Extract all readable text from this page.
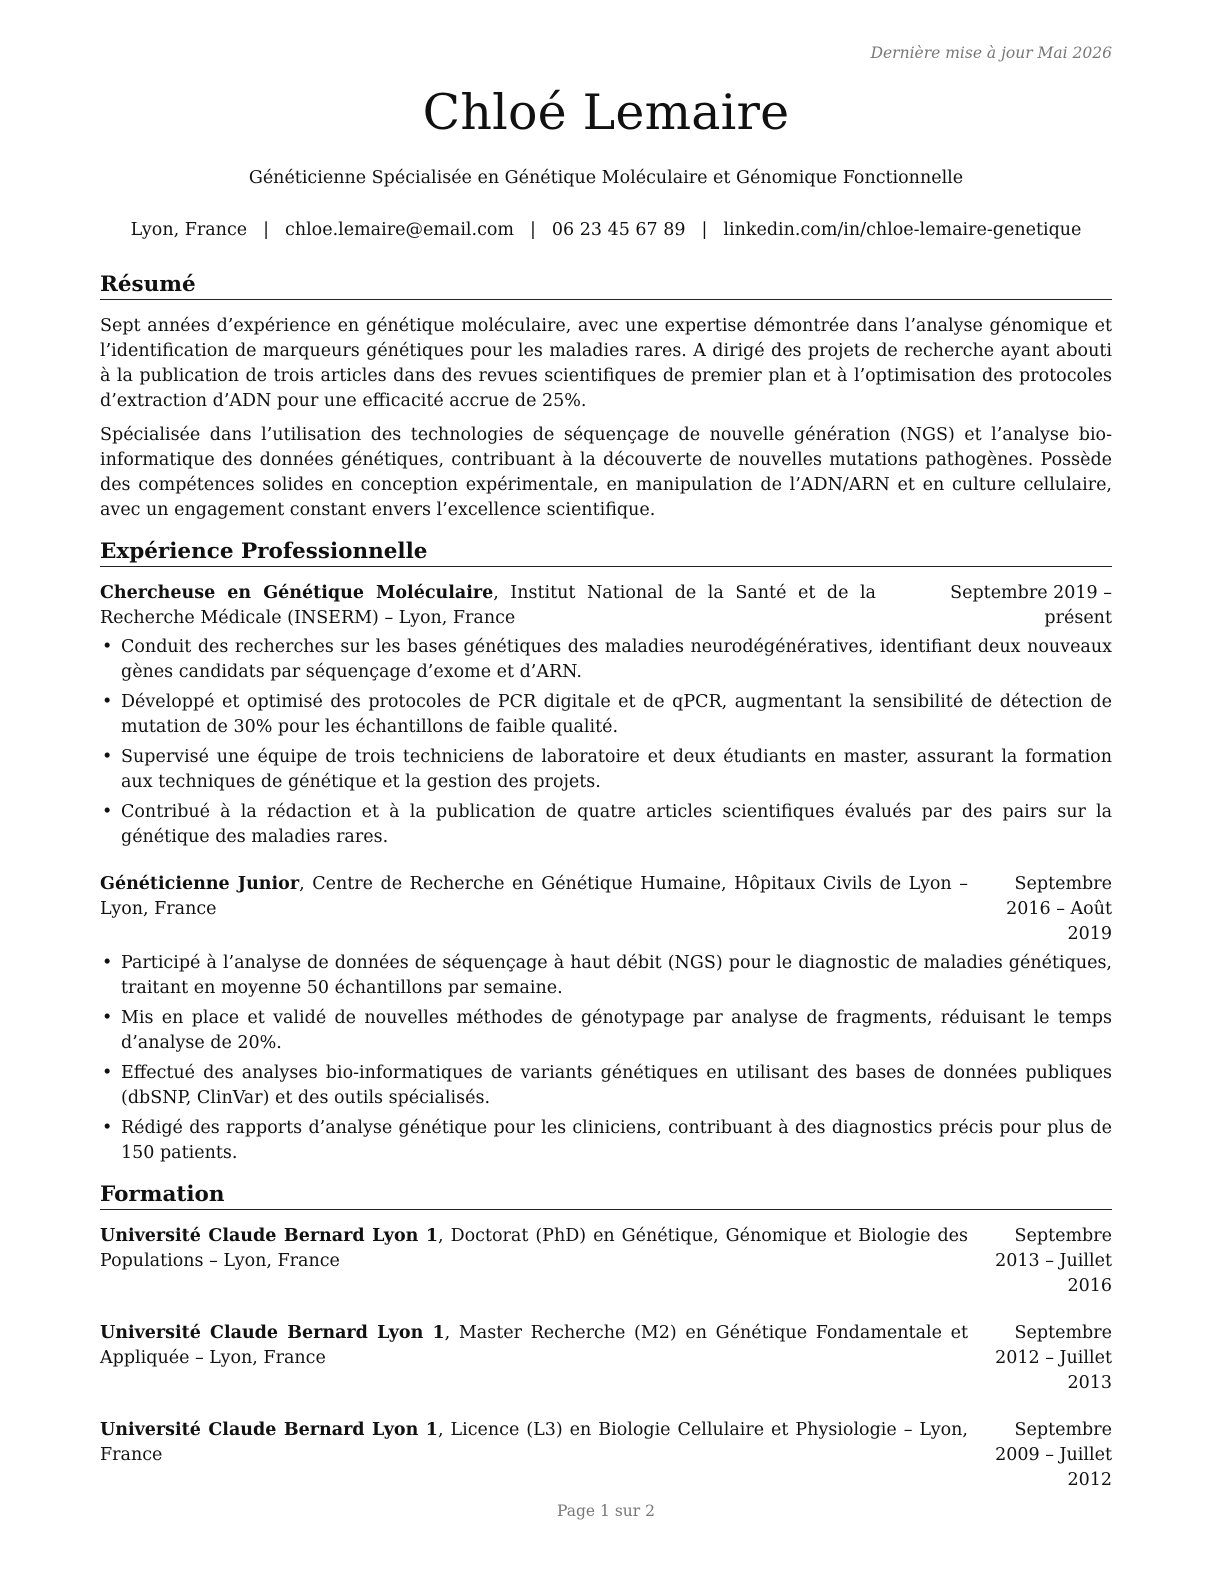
Dernière mise à jour Mai 2026
Chloé Lemaire
Généticienne Spécialisée en Génétique Moléculaire et Génomique Fonctionnelle
Lyon, France | chloe.lemaire@email.com | 06 23 45 67 89 | linkedin.com/in/chloe-lemaire-genetique
Résumé

Sept années d’expérience en génétique moléculaire, avec une expertise démontrée dans l’analyse génomique et l’identification de marqueurs génétiques pour les maladies rares. A dirigé des projets de recherche ayant abouti à la publication de trois articles dans des revues scientifiques de premier plan et à l’optimisation des protocoles d’extraction d’ADN pour une efficacité accrue de 25%.

Spécialisée dans l’utilisation des technologies de séquençage de nouvelle génération (NGS) et l’analyse bio-informatique des données génétiques, contribuant à la découverte de nouvelles mutations pathogènes. Possède des compétences solides en conception expérimentale, en manipulation de l’ADN/ARN et en culture cellulaire, avec un engagement constant envers l’excellence scientifique.

Expérience Professionnelle
Chercheuse en Génétique Moléculaire, Institut National de la Santé et de la Recherche Médicale (INSERM) – Lyon, France
Septembre 2019 – présent
• Conduit des recherches sur les bases génétiques des maladies neurodégénératives, identifiant deux nouveaux gènes candidats par séquençage d’exome et d’ARN.
• Développé et optimisé des protocoles de PCR digitale et de qPCR, augmentant la sensibilité de détection de mutation de 30% pour les échantillons de faible qualité.
• Supervisé une équipe de trois techniciens de laboratoire et deux étudiants en master, assurant la formation aux techniques de génétique et la gestion des projets.
• Contribué à la rédaction et à la publication de quatre articles scientifiques évalués par des pairs sur la génétique des maladies rares.
Généticienne Junior, Centre de Recherche en Génétique Humaine, Hôpitaux Civils de Lyon – Lyon, France
Septembre 2016 – Août 2019
• Participé à l’analyse de données de séquençage à haut débit (NGS) pour le diagnostic de maladies génétiques, traitant en moyenne 50 échantillons par semaine.
• Mis en place et validé de nouvelles méthodes de génotypage par analyse de fragments, réduisant le temps d’analyse de 20%.
• Effectué des analyses bio-informatiques de variants génétiques en utilisant des bases de données publiques (dbSNP, ClinVar) et des outils spécialisés.
• Rédigé des rapports d’analyse génétique pour les cliniciens, contribuant à des diagnostics précis pour plus de 150 patients.
Formation
Université Claude Bernard Lyon 1, Doctorat (PhD) en Génétique, Génomique et Biologie des Populations – Lyon, France
Septembre 2013 – Juillet 2016
Université Claude Bernard Lyon 1, Master Recherche (M2) en Génétique Fondamentale et Appliquée – Lyon, France
Septembre 2012 – Juillet 2013
Université Claude Bernard Lyon 1, Licence (L3) en Biologie Cellulaire et Physiologie – Lyon, France
Septembre 2009 – Juillet 2012
Page 1 sur 2
